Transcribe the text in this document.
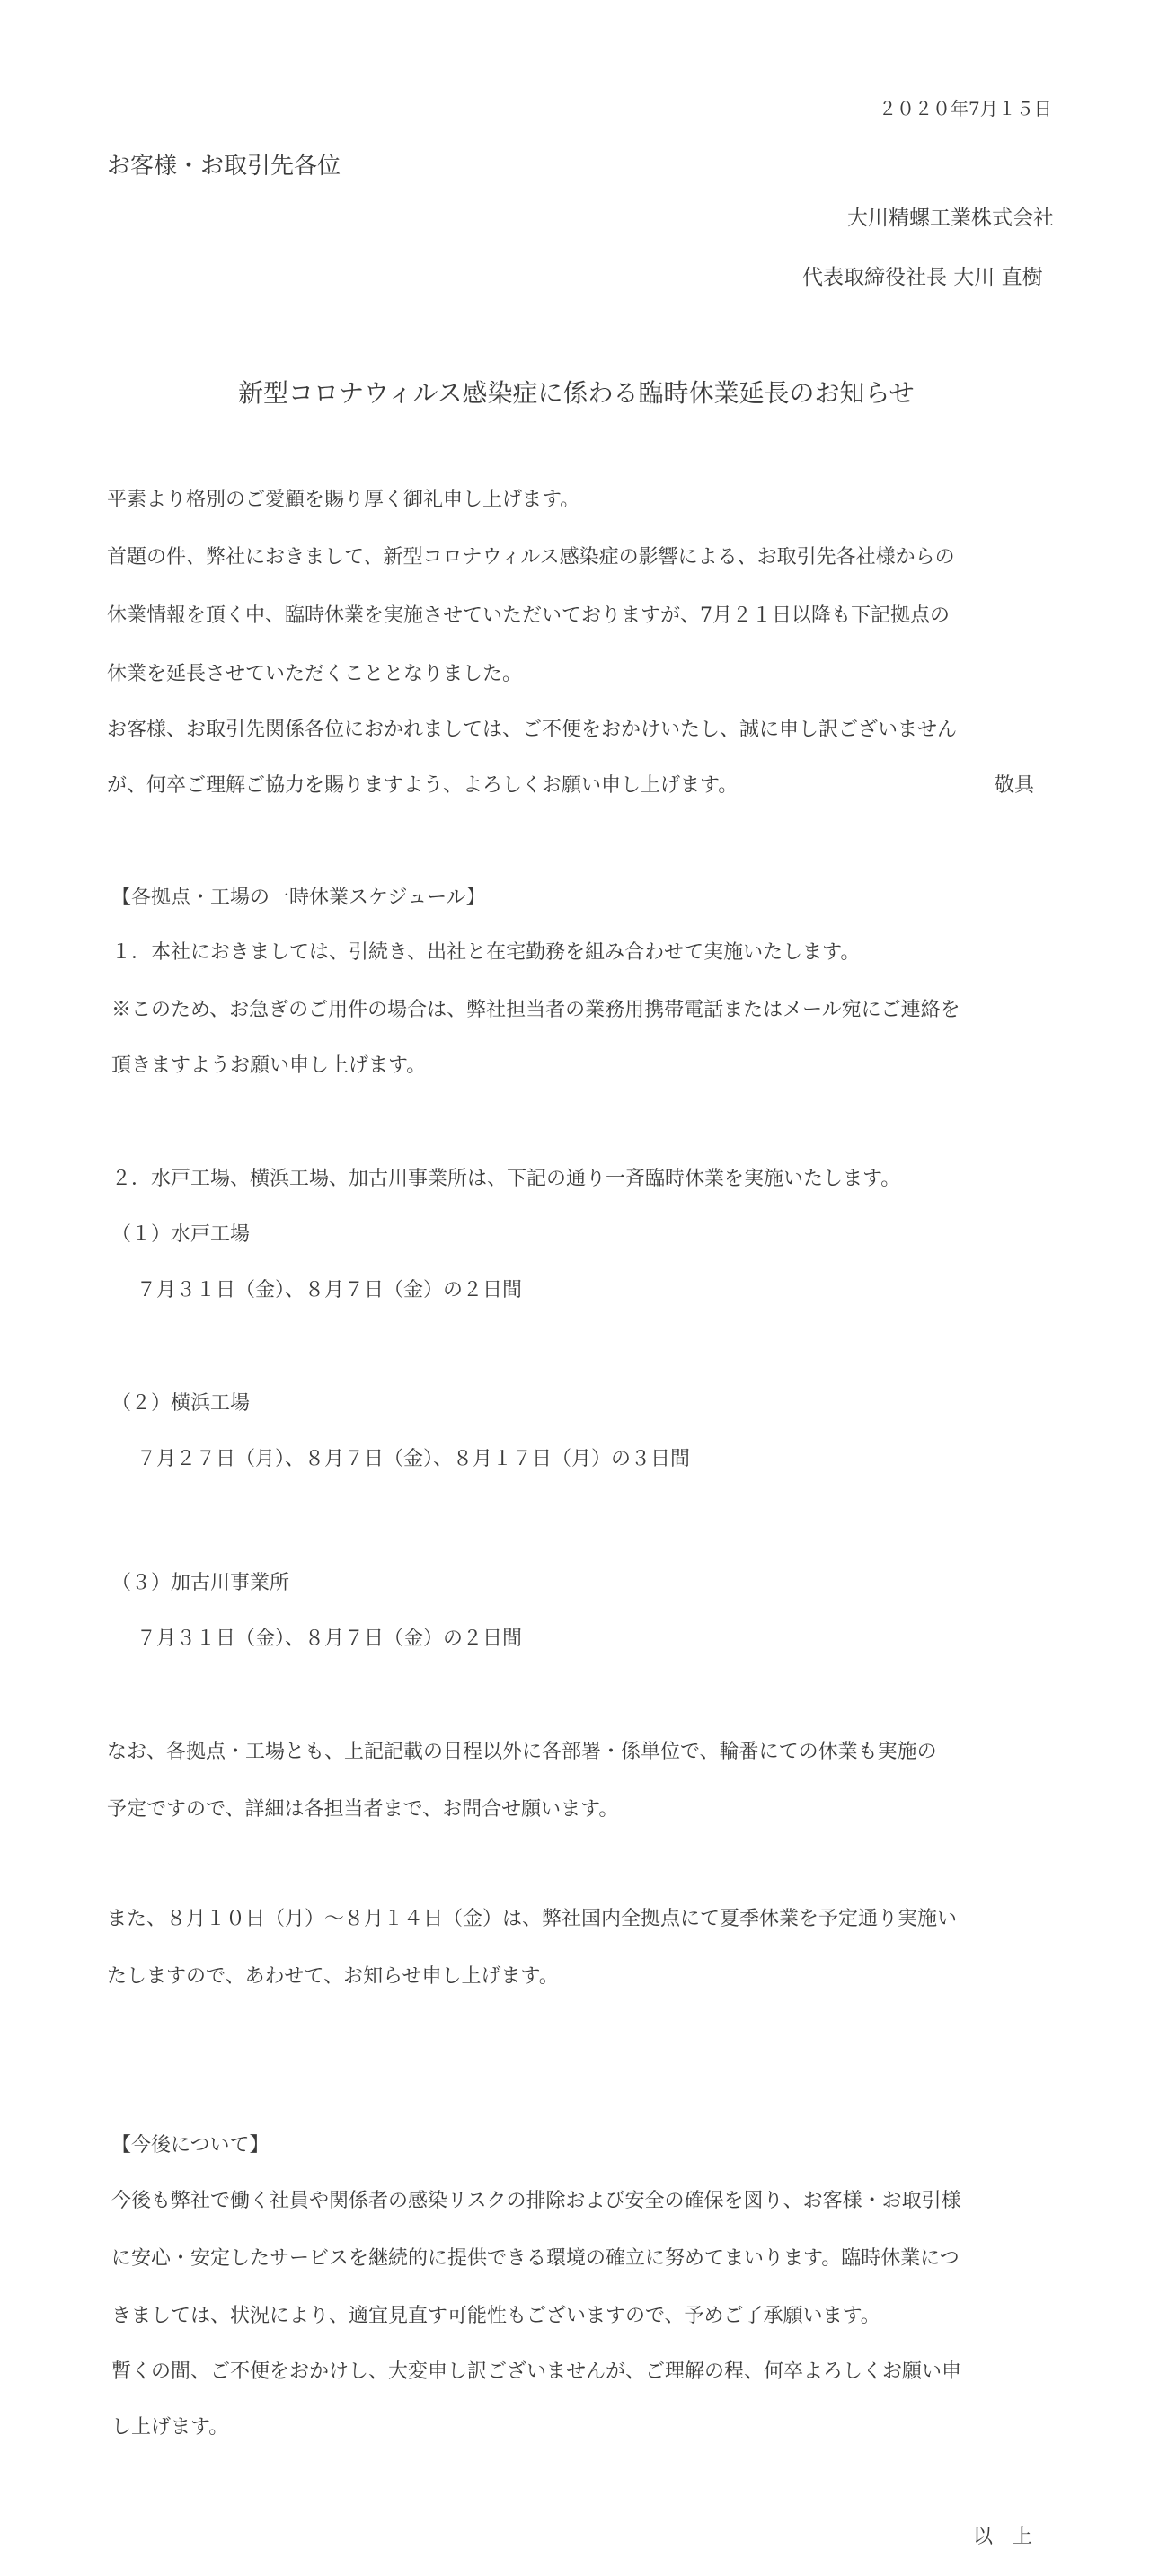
２０２０年7月１５日
お客様・お取引先各位
大川精螺工業株式会社
代表取締役社長 大川 直樹
新型コロナウィルス感染症に係わる臨時休業延長のお知らせ
平素より格別のご愛顧を賜り厚く御礼申し上げます。
首題の件、弊社におきまして、新型コロナウィルス感染症の影響による、お取引先各社様からの
休業情報を頂く中、臨時休業を実施させていただいておりますが、7月２１日以降も下記拠点の
休業を延長させていただくこととなりました。
お客様、お取引先関係各位におかれましては、ご不便をおかけいたし、誠に申し訳ございません
が、何卒ご理解ご協力を賜りますよう、よろしくお願い申し上げます。	敬具
【各拠点・工場の一時休業スケジュール】
１．本社におきましては、引続き、出社と在宅勤務を組み合わせて実施いたします。
※このため、お急ぎのご用件の場合は、弊社担当者の業務用携帯電話またはメール宛にご連絡を
頂きますようお願い申し上げます。
２．水戸工場、横浜工場、加古川事業所は、下記の通り一斉臨時休業を実施いたします。
（１）水戸工場
７月３１日（金）、８月７日（金）の２日間
（２）横浜工場
７月２７日（月）、８月７日（金）、８月１７日（月）の３日間
（３）加古川事業所
７月３１日（金）、８月７日（金）の２日間
なお、各拠点・工場とも、上記記載の日程以外に各部署・係単位で、輪番にての休業も実施の
予定ですので、詳細は各担当者まで、お問合せ願います。
また、８月１０日（月）～８月１４日（金）は、弊社国内全拠点にて夏季休業を予定通り実施い
たしますので、あわせて、お知らせ申し上げます。
【今後について】
今後も弊社で働く社員や関係者の感染リスクの排除および安全の確保を図り、お客様・お取引様
に安心・安定したサービスを継続的に提供できる環境の確立に努めてまいります。臨時休業につ
きましては、状況により、適宜見直す可能性もございますので、予めご了承願います。
暫くの間、ご不便をおかけし、大変申し訳ございませんが、ご理解の程、何卒よろしくお願い申
し上げます。
以　上
